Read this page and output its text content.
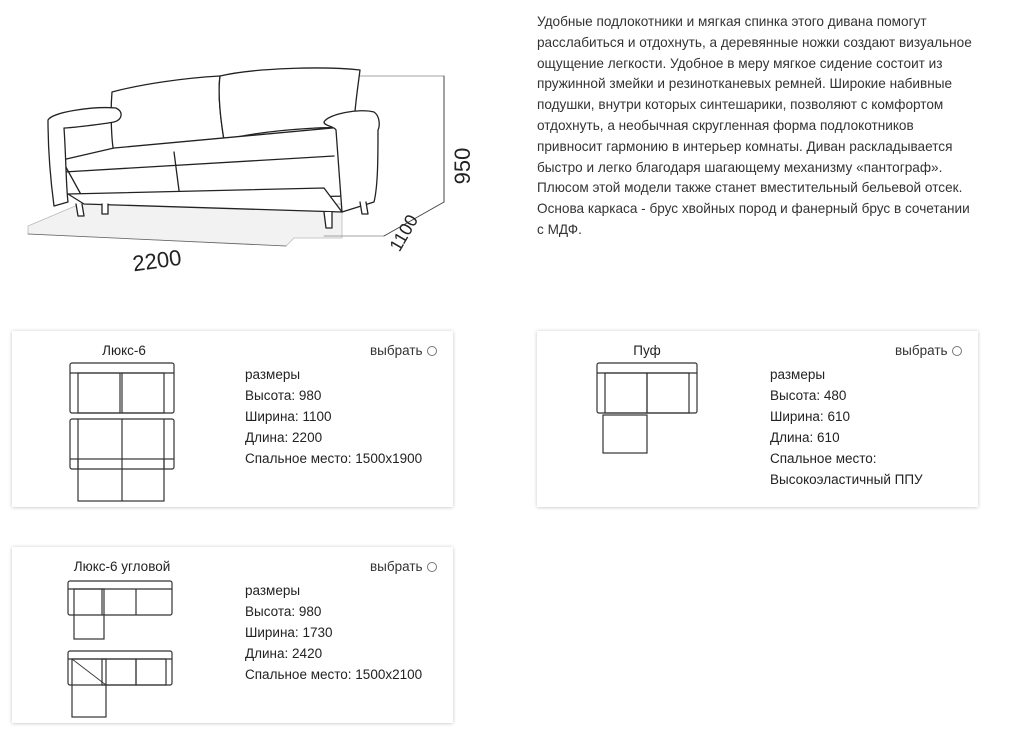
950
1100
2200

Удобные подлокотники и мягкая спинка этого дивана помогут расслабиться и отдохнуть, а деревянные ножки создают визуальное ощущение легкости. Удобное в меру мягкое сидение состоит из пружинной змейки и резинотканевых ремней. Широкие набивные подушки, внутри которых синтешарики, позволяют с комфортом отдохнуть, а необычная скругленная форма подлокотников привносит гармонию в интерьер комнаты. Диван раскладывается быстро и легко благодаря шагающему механизму «пантограф». Плюсом этой модели также станет вместительный бельевой отсек. Основа каркаса - брус хвойных пород и фанерный брус в сочетании с МДФ.

Люкс-6	выбрать
размеры
Высота: 980
Ширина: 1100
Длина: 2200
Спальное место: 1500x1900
Пуф	выбрать
размеры
Высота: 480
Ширина: 610
Длина: 610
Спальное место:
Высокоэластичный ППУ
Люкс-6 угловой	выбрать
размеры
Высота: 980
Ширина: 1730
Длина: 2420
Спальное место: 1500x2100
